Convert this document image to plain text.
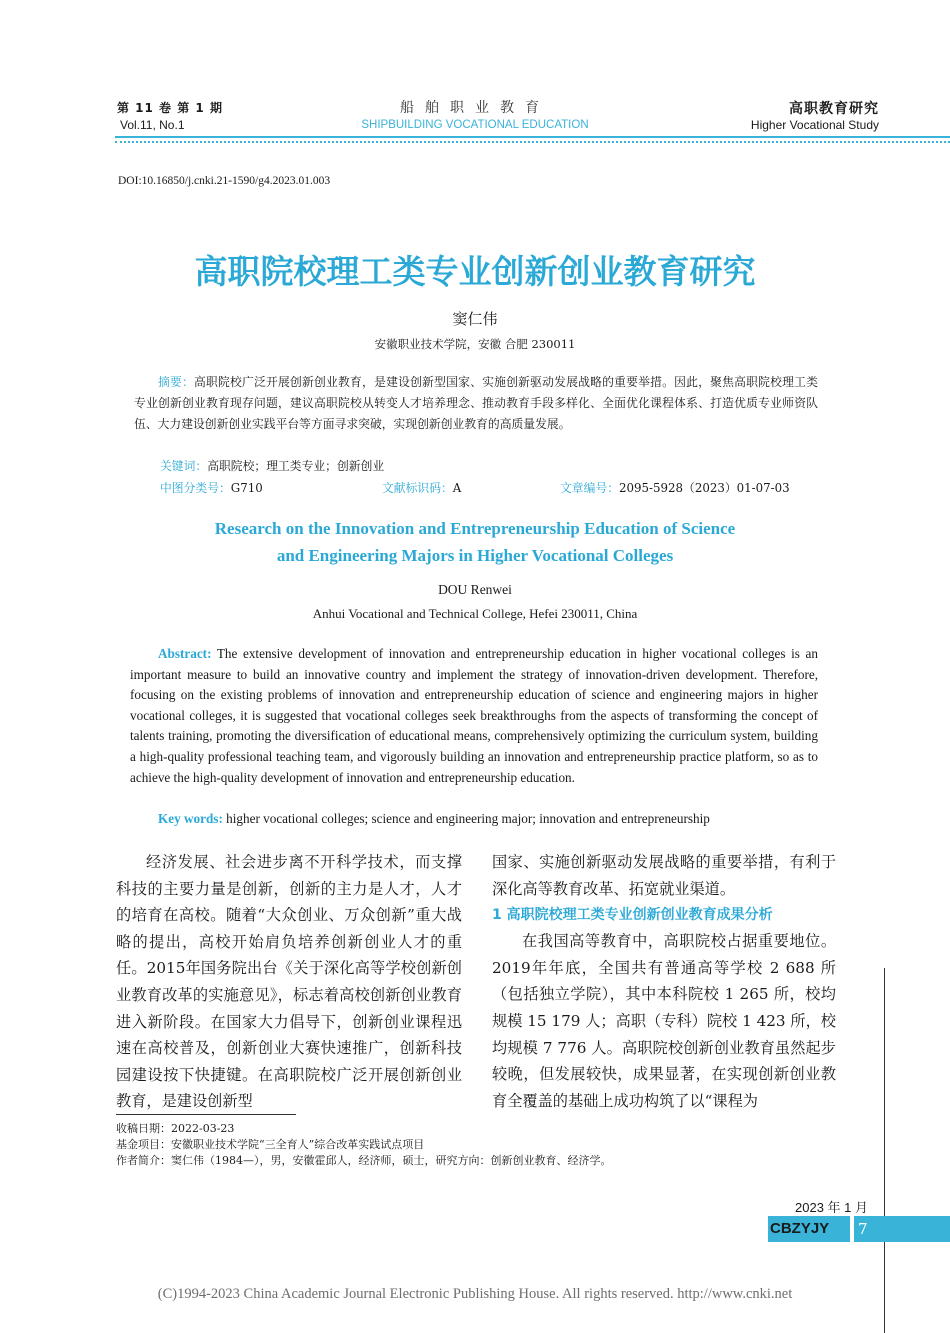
第 11 卷 第 1 期
Vol.11, No.1
船舶职业教育
SHIPBUILDING VOCATIONAL EDUCATION
高职教育研究
Higher Vocational Study
DOI:10.16850/j.cnki.21-1590/g4.2023.01.003
高职院校理工类专业创新创业教育研究
窦仁伟
安徽职业技术学院，安徽 合肥 230011
摘要：高职院校广泛开展创新创业教育，是建设创新型国家、实施创新驱动发展战略的重要举措。因此，聚焦高职院校理工类专业创新创业教育现存问题，建议高职院校从转变人才培养理念、推动教育手段多样化、全面优化课程体系、打造优质专业师资队伍、大力建设创新创业实践平台等方面寻求突破，实现创新创业教育的高质量发展。
关键词：高职院校；理工类专业；创新创业
中图分类号：G710	文献标识码：A	文章编号：2095-5928（2023）01-07-03
Research on the Innovation and Entrepreneurship Education of Science
and Engineering Majors in Higher Vocational Colleges
DOU Renwei
Anhui Vocational and Technical College, Hefei 230011, China
Abstract: The extensive development of innovation and entrepreneurship education in higher vocational colleges is an important measure to build an innovative country and implement the strategy of innovation-driven development. Therefore, focusing on the existing problems of innovation and entrepreneurship education of science and engineering majors in higher vocational colleges, it is suggested that vocational colleges seek breakthroughs from the aspects of transforming the concept of talents training, promoting the diversification of educational means, comprehensively optimizing the curriculum system, building a high-quality professional teaching team, and vigorously building an innovation and entrepreneurship practice platform, so as to achieve the high-quality development of innovation and entrepreneurship education.
Key words: higher vocational colleges; science and engineering major; innovation and entrepreneurship
经济发展、社会进步离不开科学技术，而支撑科技的主要力量是创新，创新的主力是人才，人才的培育在高校。随着“大众创业、万众创新”重大战略的提出，高校开始肩负培养创新创业人才的重任。2015年国务院出台《关于深化高等学校创新创业教育改革的实施意见》，标志着高校创新创业教育进入新阶段。在国家大力倡导下，创新创业课程迅速在高校普及，创新创业大赛快速推广，创新科技园建设按下快捷键。在高职院校广泛开展创新创业教育，是建设创新型
国家、实施创新驱动发展战略的重要举措，有利于深化高等教育改革、拓宽就业渠道。
1 高职院校理工类专业创新创业教育成果分析
在我国高等教育中，高职院校占据重要地位。2019年年底，全国共有普通高等学校 2 688 所（包括独立学院），其中本科院校 1 265 所，校均规模 15 179 人；高职（专科）院校 1 423 所，校均规模 7 776 人。高职院校创新创业教育虽然起步较晚，但发展较快，成果显著，在实现创新创业教育全覆盖的基础上成功构筑了以“课程为
收稿日期：2022-03-23
基金项目：安徽职业技术学院“三全育人”综合改革实践试点项目
作者简介：窦仁伟（1984—），男，安徽霍邱人，经济师，硕士，研究方向：创新创业教育、经济学。
2023 年 1 月
CBZYJY	7
(C)1994-2023 China Academic Journal Electronic Publishing House. All rights reserved. http://www.cnki.net
